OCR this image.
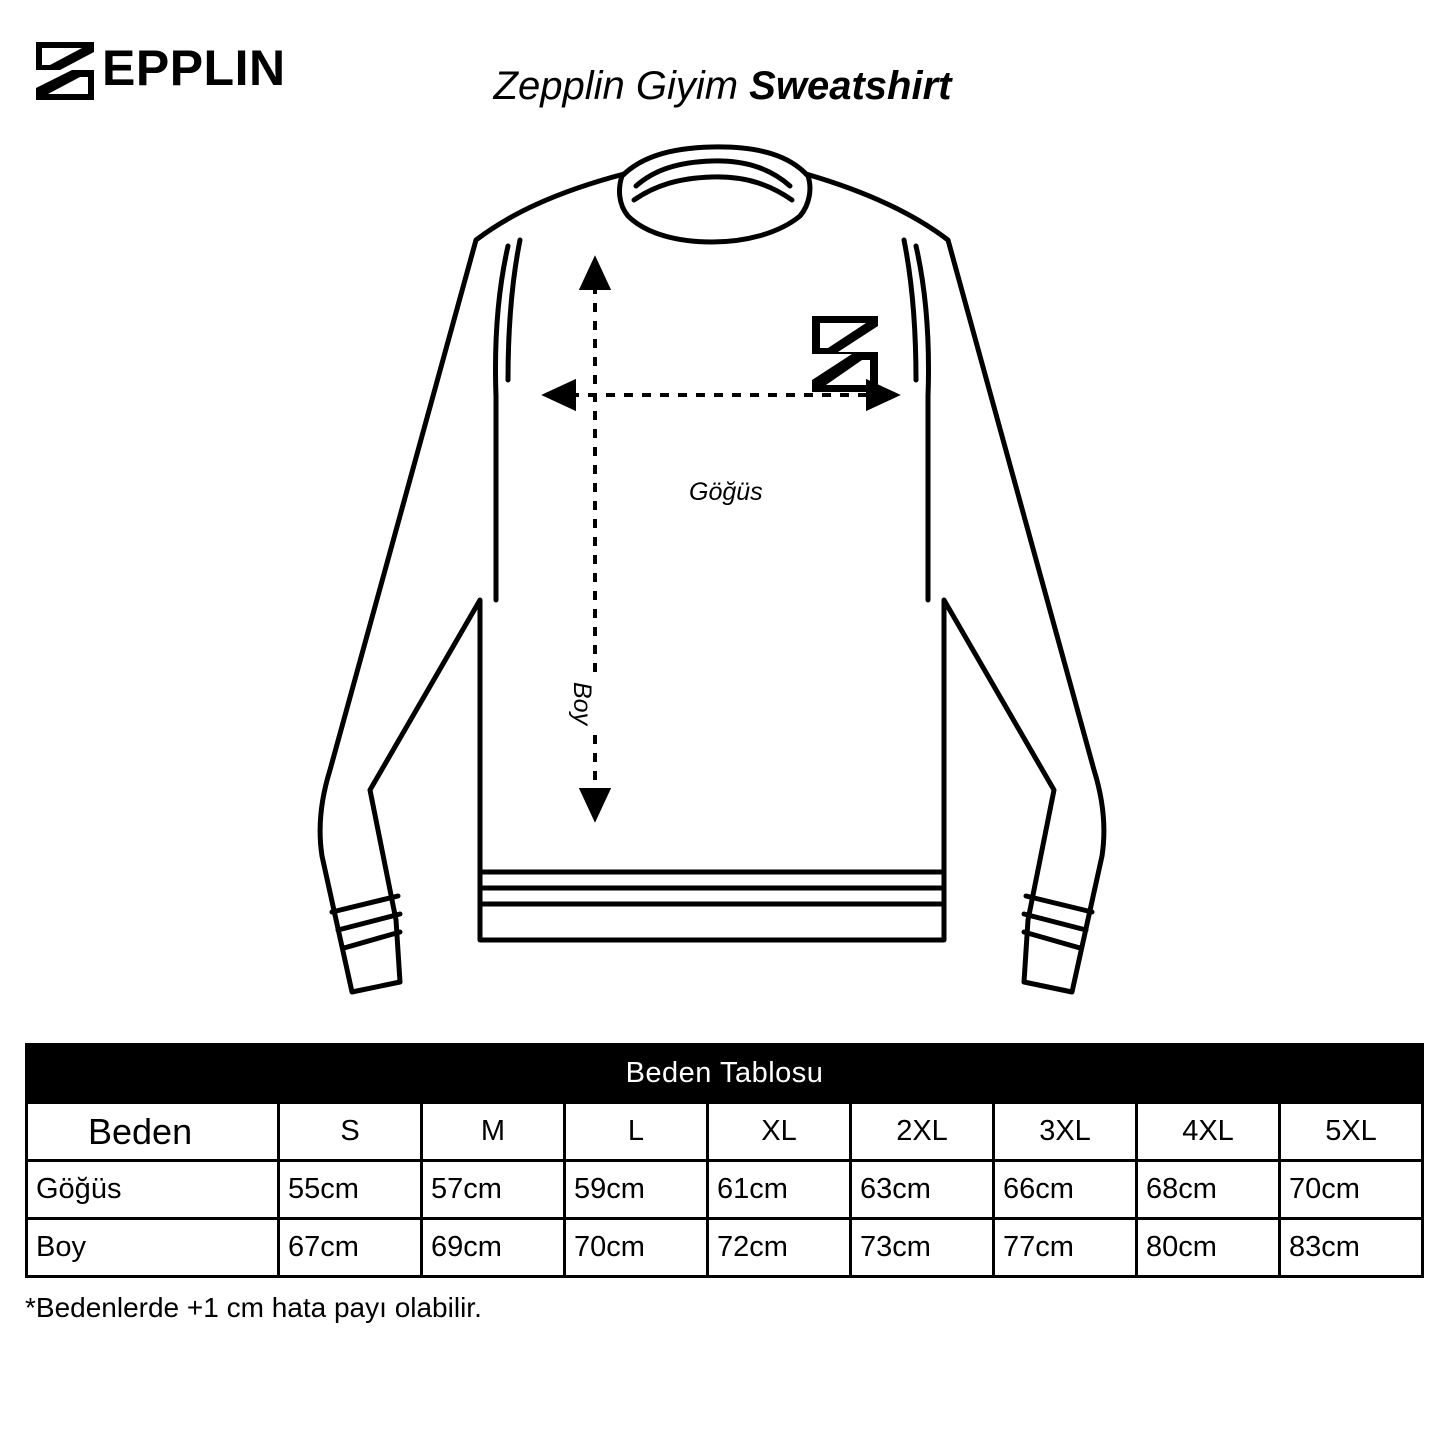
EPPLIN	Zepplin Giyim Sweatshirt
Göğüs
Boy
Beden Tablosu								
Beden	S	M	L	XL	2XL	3XL	4XL	5XL
Göğüs	55cm	57cm	59cm	61cm	63cm	66cm	68cm	70cm
Boy	67cm	69cm	70cm	72cm	73cm	77cm	80cm	83cm
*Bedenlerde +1 cm hata payı olabilir.
